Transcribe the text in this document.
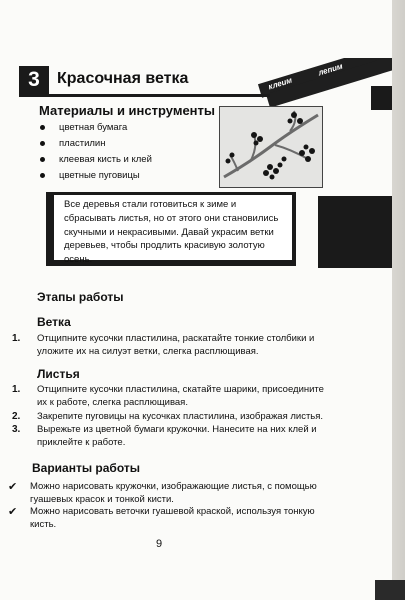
клеим
лепим
3	Красочная ветка
Материалы и инструменты
цветная бумага
пластилин
клеевая кисть и клей
цветные пуговицы
Все деревья стали готовиться к зиме и сбрасывать листья, но от этого они становились скучными и некрасивыми. Давай украсим ветки деревьев, чтобы продлить красивую золотую осень.
Этапы работы
Ветка
1. Отщипните кусочки пластилина, раскатайте тонкие столбики и уложите их на силуэт ветки, слегка расплющивая.
Листья
1. Отщипните кусочки пластилина, скатайте шарики, присоедините их к работе, слегка расплющивая.
2. Закрепите пуговицы на кусочках пластилина, изображая листья.
3. Вырежьте из цветной бумаги кружочки. Нанесите на них клей и приклейте к работе.
Варианты работы
✔ Можно нарисовать кружочки, изображающие листья, с помощью гуашевых красок и тонкой кисти.
✔ Можно нарисовать веточки гуашевой краской, используя тонкую кисть.
9
